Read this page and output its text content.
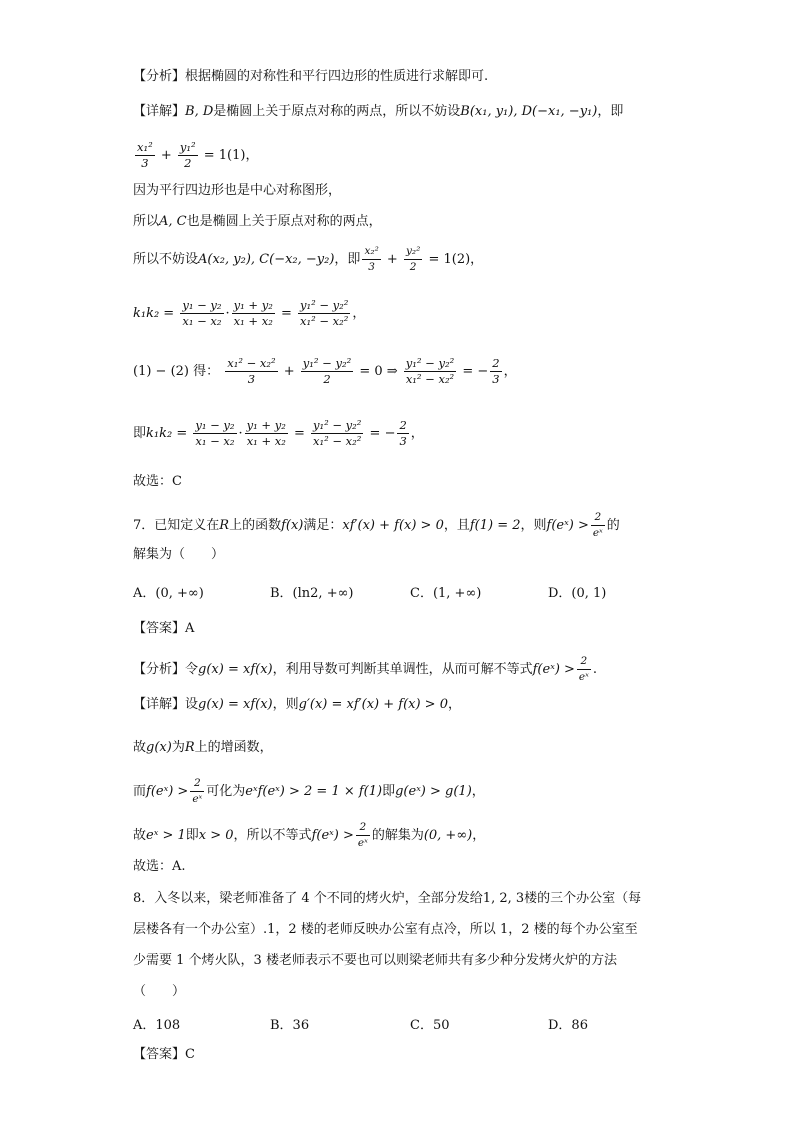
【分析】根据椭圆的对称性和平行四边形的性质进行求解即可.
【详解】B, D是椭圆上关于原点对称的两点，所以不妨设B(x₁, y₁), D(−x₁, −y₁)，即
$\frac{\text{x₁²}}{3} + \frac{\text{y₁²}}{2} = 1(1)$，
因为平行四边形也是中心对称图形，
所以A, C也是椭圆上关于原点对称的两点，
所以不妨设A(x₂, y₂), C(−x₂, −y₂)，即 $\frac{\text{x₂²}}{3} + \frac{\text{y₂²}}{2} = 1(2)$，
$k_1k_2 = \frac{\text{y₁ − y₂}}{\text{x₁ − x₂}} \cdot \frac{\text{y₁ + y₂}}{\text{x₁ + x₂}} = \frac{\text{y₁² − y₂²}}{\text{x₁² − x₂²}}$ ，
(1) − (2) 得： $\frac{\text{x₁² − x₂²}}{3} + \frac{\text{y₁² − y₂²}}{2} = 0$ ⇒ $\frac{\text{y₁² − y₂²}}{\text{x₁² − x₂²}}$ = − $\frac{2}{3}$ ，
即$k_1k_2 = \frac{\text{y₁ − y₂}}{\text{x₁ − x₂}} \cdot \frac{\text{y₁ + y₂}}{\text{x₁ + x₂}} = \frac{\text{y₁² − y₂²}}{\text{x₁² − x₂²}}$ = − $\frac{2}{3}$ ，
故选：C
7．已知定义在R上的函数f(x)满足：xf′(x) + f(x) > 0，且f(1) = 2，则f(eˣ) > $\frac{2}{\text{eˣ}}$ 的
解集为（　　）
A．(0, +∞)	B．(ln2, +∞)	C．(1, +∞)	D．(0, 1)
【答案】A
【分析】令g(x) = xf(x)，利用导数可判断其单调性，从而可解不等式f(eˣ) > $\frac{2}{\text{eˣ}}$ .
【详解】设g(x) = xf(x)，则g′(x) = xf′(x) + f(x) > 0，
故g(x)为R上的增函数，
而f(eˣ) > $\frac{2}{\text{eˣ}}$ 可化为eˣf(eˣ) > 2 = 1 × f(1)即g(eˣ) > g(1)，
故eˣ > 1即x > 0，所以不等式f(eˣ) > $\frac{2}{\text{eˣ}}$ 的解集为(0, +∞)，
故选：A.
8．入冬以来，梁老师准备了 4 个不同的烤火炉，全部分发给1, 2, 3楼的三个办公室（每
层楼各有一个办公室）.1，2 楼的老师反映办公室有点冷，所以 1，2 楼的每个办公室至
少需要 1 个烤火队，3 楼老师表示不要也可以则梁老师共有多少种分发烤火炉的方法
（　　）
A．108	B．36	C．50	D．86
【答案】C
